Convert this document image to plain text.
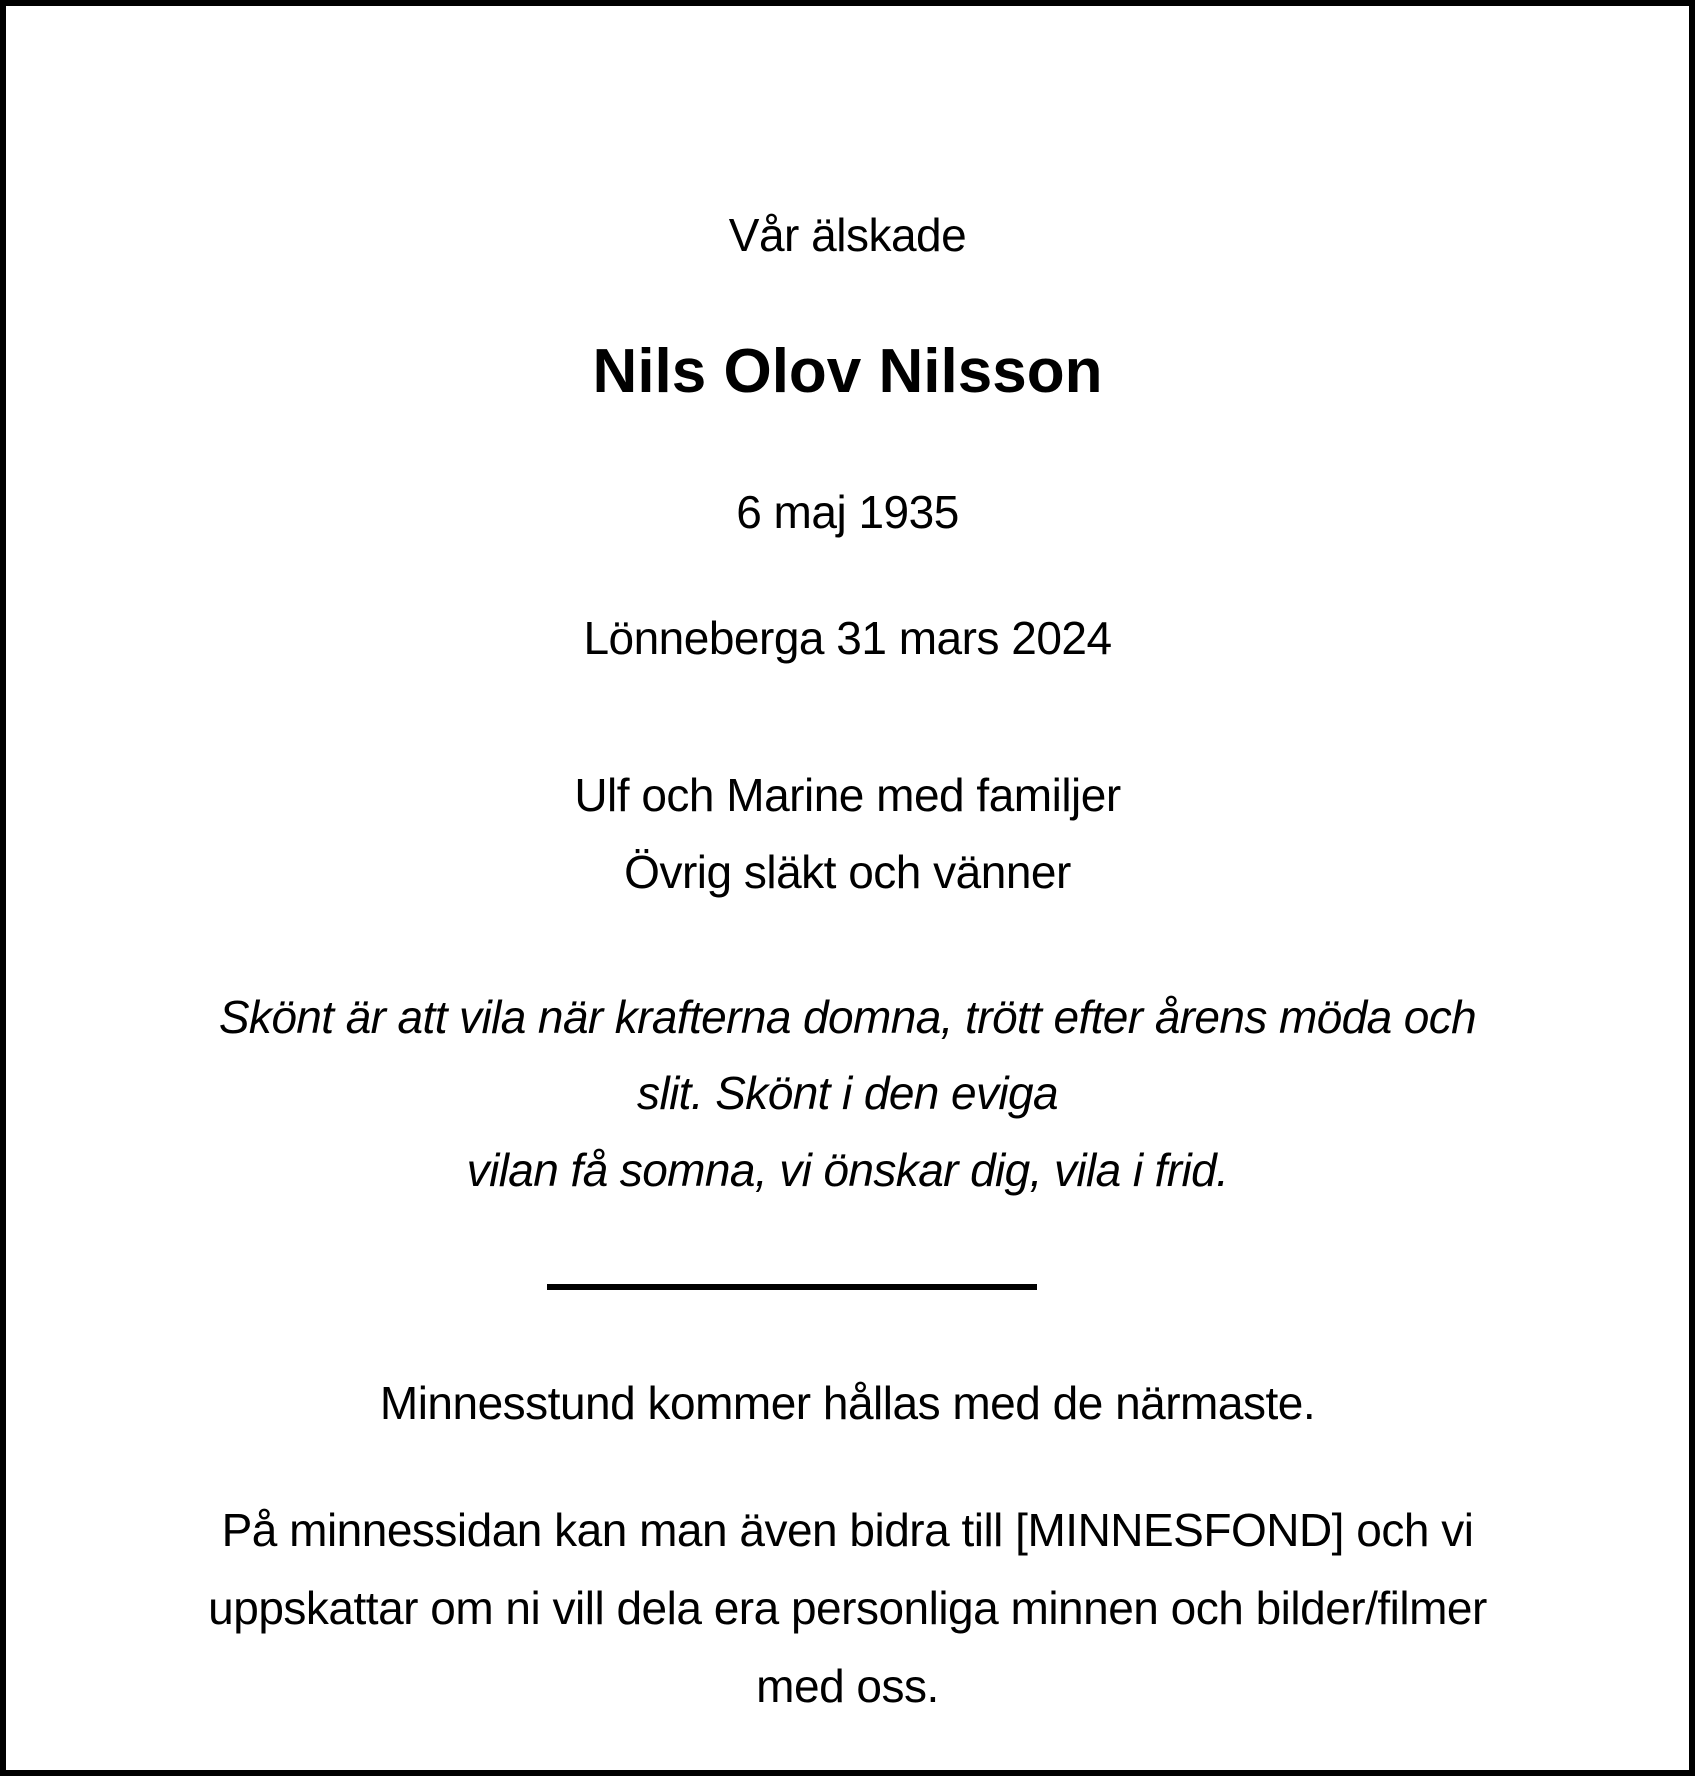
Vår älskade
Nils Olov Nilsson
6 maj 1935
Lönneberga 31 mars 2024
Ulf och Marine med familjer
Övrig släkt och vänner
Skönt är att vila när krafterna domna, trött efter årens möda och
slit. Skönt i den eviga
vilan få somna, vi önskar dig, vila i frid.
Minnesstund kommer hållas med de närmaste.
På minnessidan kan man även bidra till [MINNESFOND] och vi
uppskattar om ni vill dela era personliga minnen och bilder/filmer
med oss.
